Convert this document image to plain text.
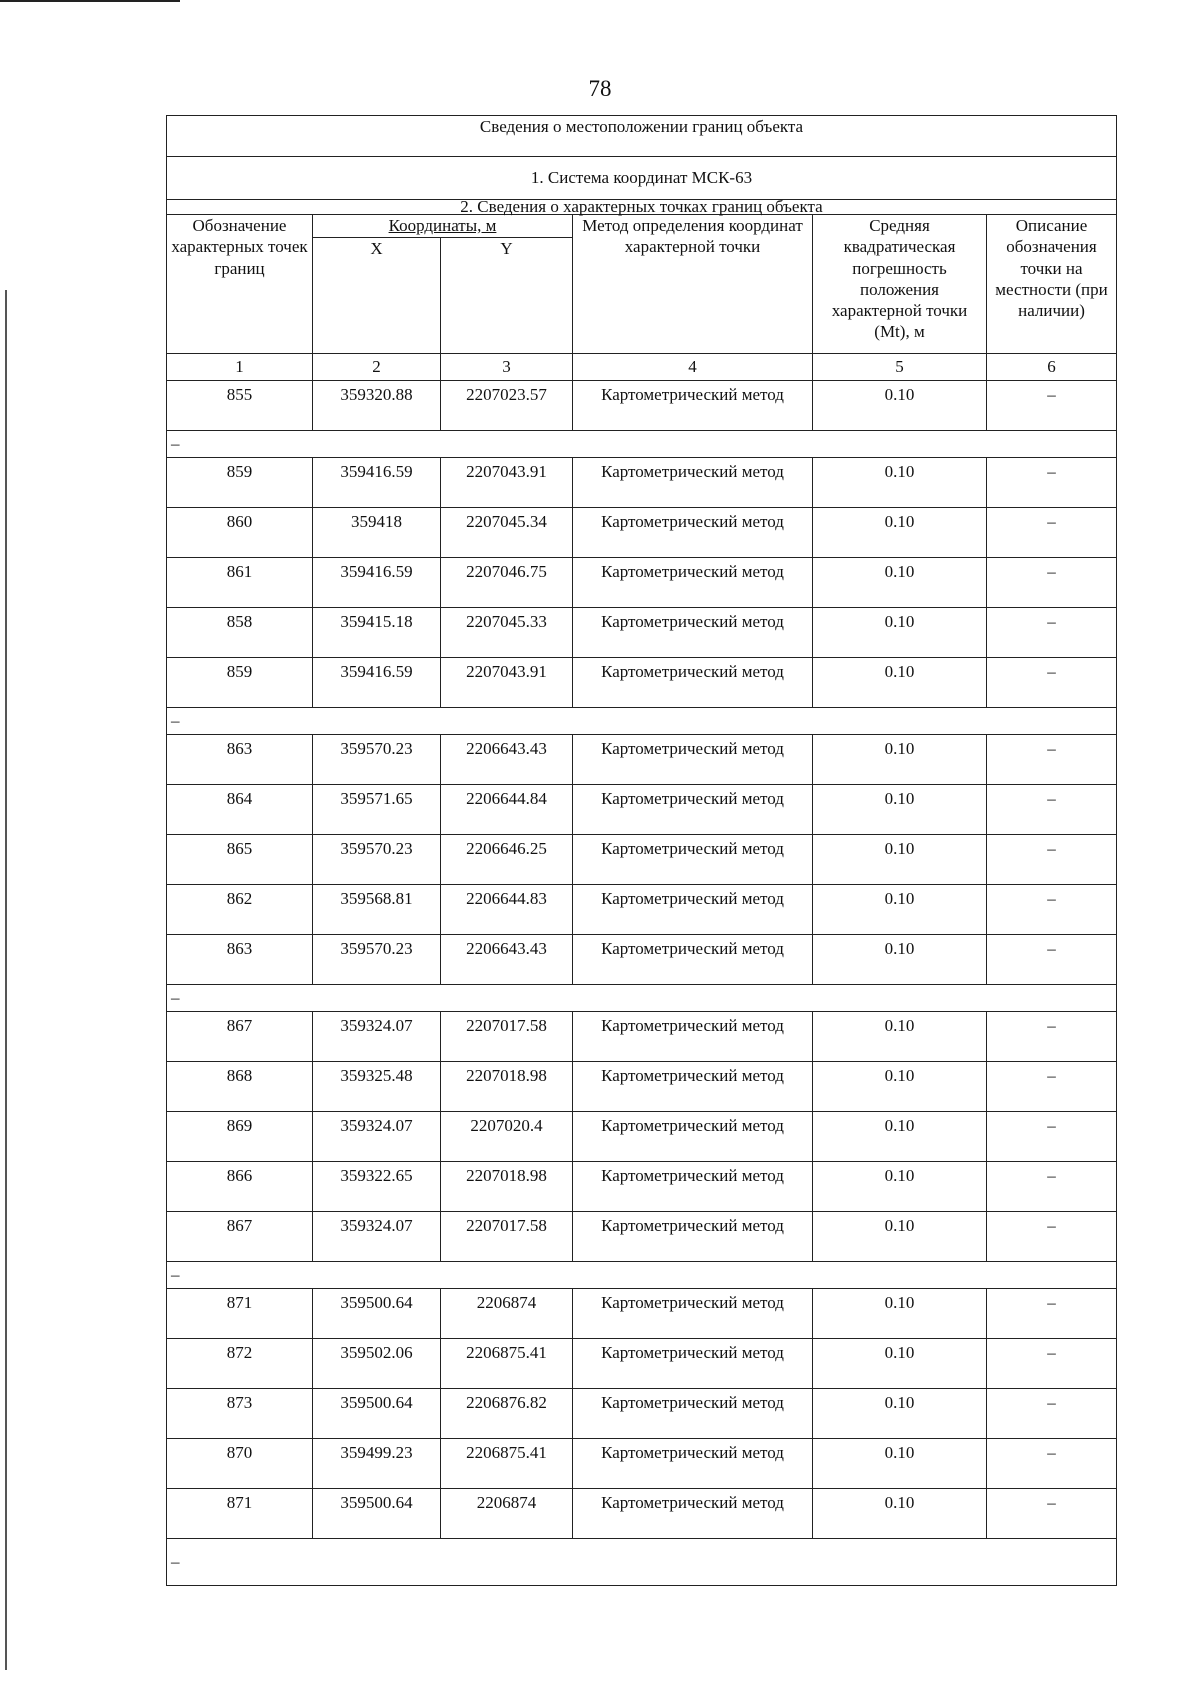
78
Сведения о местоположении границ объекта					
1. Система координат МСК-63					
2. Сведения о характерных точках границ объекта					
Обозначение характерных точек границ	Координаты, м		Метод определения координат характерной точки	Средняя квадратическая погрешность положения характерной точки (Mt), м	Описание обозначения точки на местности (при наличии)
	X	Y			
1	2	3	4	5	6
855	359320.88	2207023.57	Картометрический метод	0.10	–
–					
859	359416.59	2207043.91	Картометрический метод	0.10	–
860	359418	2207045.34	Картометрический метод	0.10	–
861	359416.59	2207046.75	Картометрический метод	0.10	–
858	359415.18	2207045.33	Картометрический метод	0.10	–
859	359416.59	2207043.91	Картометрический метод	0.10	–
–					
863	359570.23	2206643.43	Картометрический метод	0.10	–
864	359571.65	2206644.84	Картометрический метод	0.10	–
865	359570.23	2206646.25	Картометрический метод	0.10	–
862	359568.81	2206644.83	Картометрический метод	0.10	–
863	359570.23	2206643.43	Картометрический метод	0.10	–
–					
867	359324.07	2207017.58	Картометрический метод	0.10	–
868	359325.48	2207018.98	Картометрический метод	0.10	–
869	359324.07	2207020.4	Картометрический метод	0.10	–
866	359322.65	2207018.98	Картометрический метод	0.10	–
867	359324.07	2207017.58	Картометрический метод	0.10	–
–					
871	359500.64	2206874	Картометрический метод	0.10	–
872	359502.06	2206875.41	Картометрический метод	0.10	–
873	359500.64	2206876.82	Картометрический метод	0.10	–
870	359499.23	2206875.41	Картометрический метод	0.10	–
871	359500.64	2206874	Картометрический метод	0.10	–
–					
